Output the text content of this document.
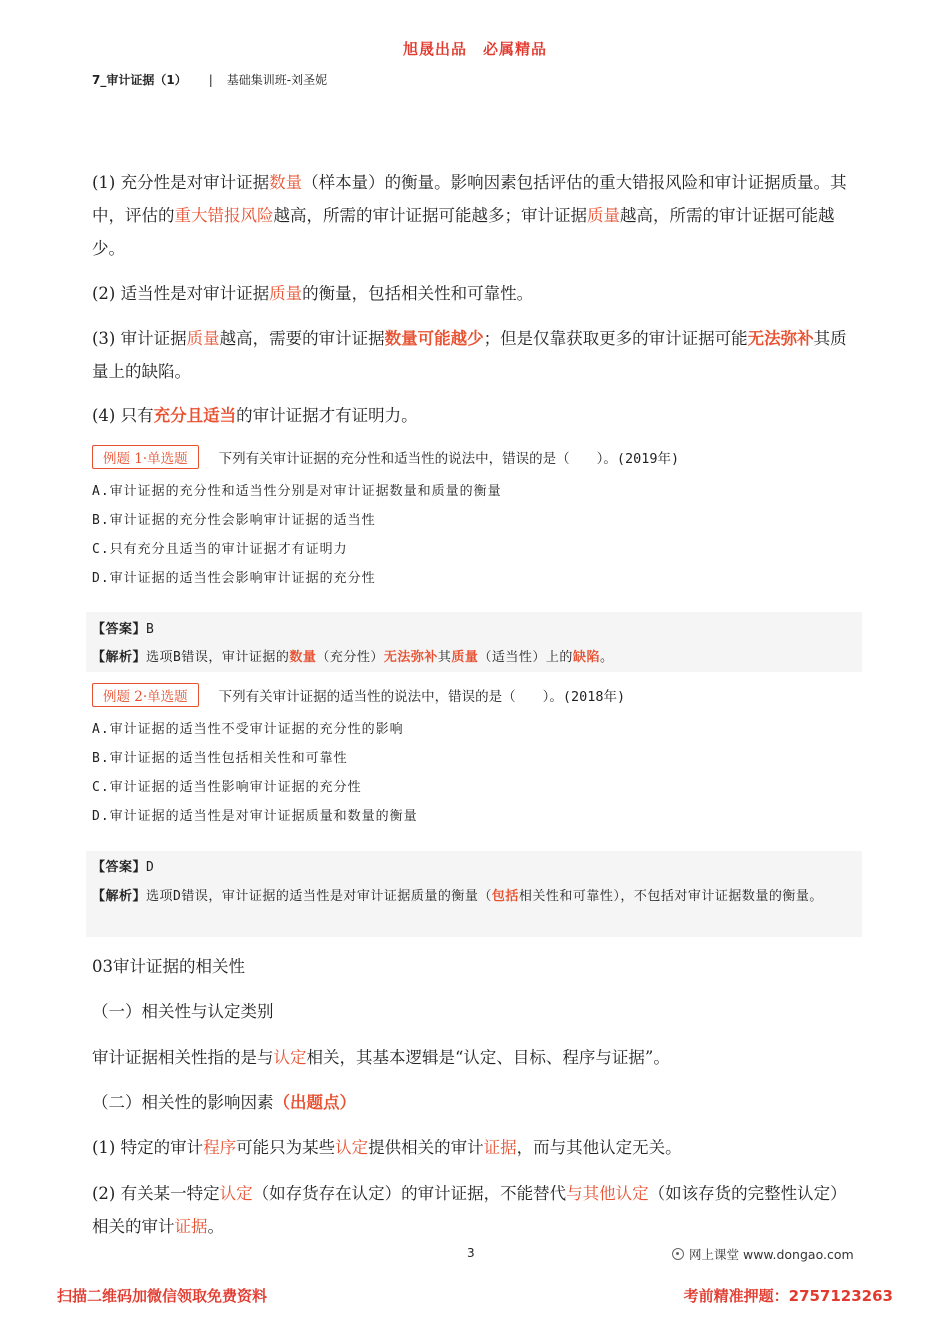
旭晟出品　必属精品
7_审计证据（1） | 基础集训班-刘圣妮
(1) 充分性是对审计证据数量（样本量）的衡量。影响因素包括评估的重大错报风险和审计证据质量。其中，评估的重大错报风险越高，所需的审计证据可能越多；审计证据质量越高，所需的审计证据可能越少。
(2) 适当性是对审计证据质量的衡量，包括相关性和可靠性。
(3) 审计证据质量越高，需要的审计证据数量可能越少；但是仅靠获取更多的审计证据可能无法弥补其质量上的缺陷。
(4) 只有充分且适当的审计证据才有证明力。
例题 1·单选题	下列有关审计证据的充分性和适当性的说法中，错误的是（　　）。(2019年)
A.审计证据的充分性和适当性分别是对审计证据数量和质量的衡量
B.审计证据的充分性会影响审计证据的适当性
C.只有充分且适当的审计证据才有证明力
D.审计证据的适当性会影响审计证据的充分性
【答案】B
【解析】选项B错误，审计证据的数量（充分性）无法弥补其质量（适当性）上的缺陷。
例题 2·单选题	下列有关审计证据的适当性的说法中，错误的是（　　）。(2018年)
A.审计证据的适当性不受审计证据的充分性的影响
B.审计证据的适当性包括相关性和可靠性
C.审计证据的适当性影响审计证据的充分性
D.审计证据的适当性是对审计证据质量和数量的衡量
【答案】D
【解析】选项D错误，审计证据的适当性是对审计证据质量的衡量（包括相关性和可靠性），不包括对审计证据数量的衡量。
03审计证据的相关性
（一）相关性与认定类别
审计证据相关性指的是与认定相关，其基本逻辑是“认定、目标、程序与证据”。
（二）相关性的影响因素（出题点）
(1) 特定的审计程序可能只为某些认定提供相关的审计证据，而与其他认定无关。
(2) 有关某一特定认定（如存货存在认定）的审计证据，不能替代与其他认定（如该存货的完整性认定）相关的审计证据。
3	网上课堂 www.dongao.com
扫描二维码加微信领取免费资料	考前精准押题：2757123263
